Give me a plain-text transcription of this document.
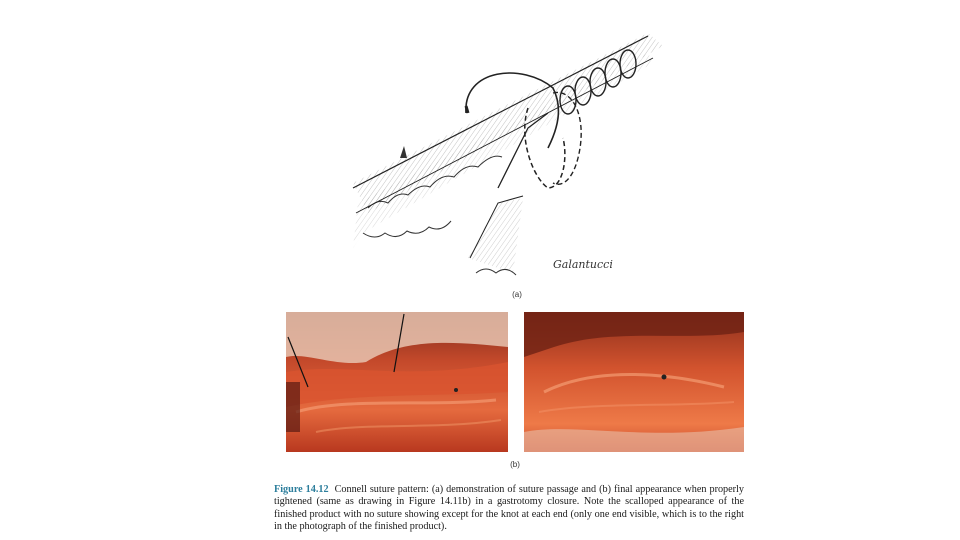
Galantucci
(a)
(b)
Figure 14.12 Connell suture pattern: (a) demonstration of suture passage and (b) final appearance when properly tightened (same as drawing in Figure 14.11b) in a gastrotomy closure. Note the scalloped appearance of the finished product with no suture showing except for the knot at each end (only one end visible, which is to the right in the photograph of the finished product).
